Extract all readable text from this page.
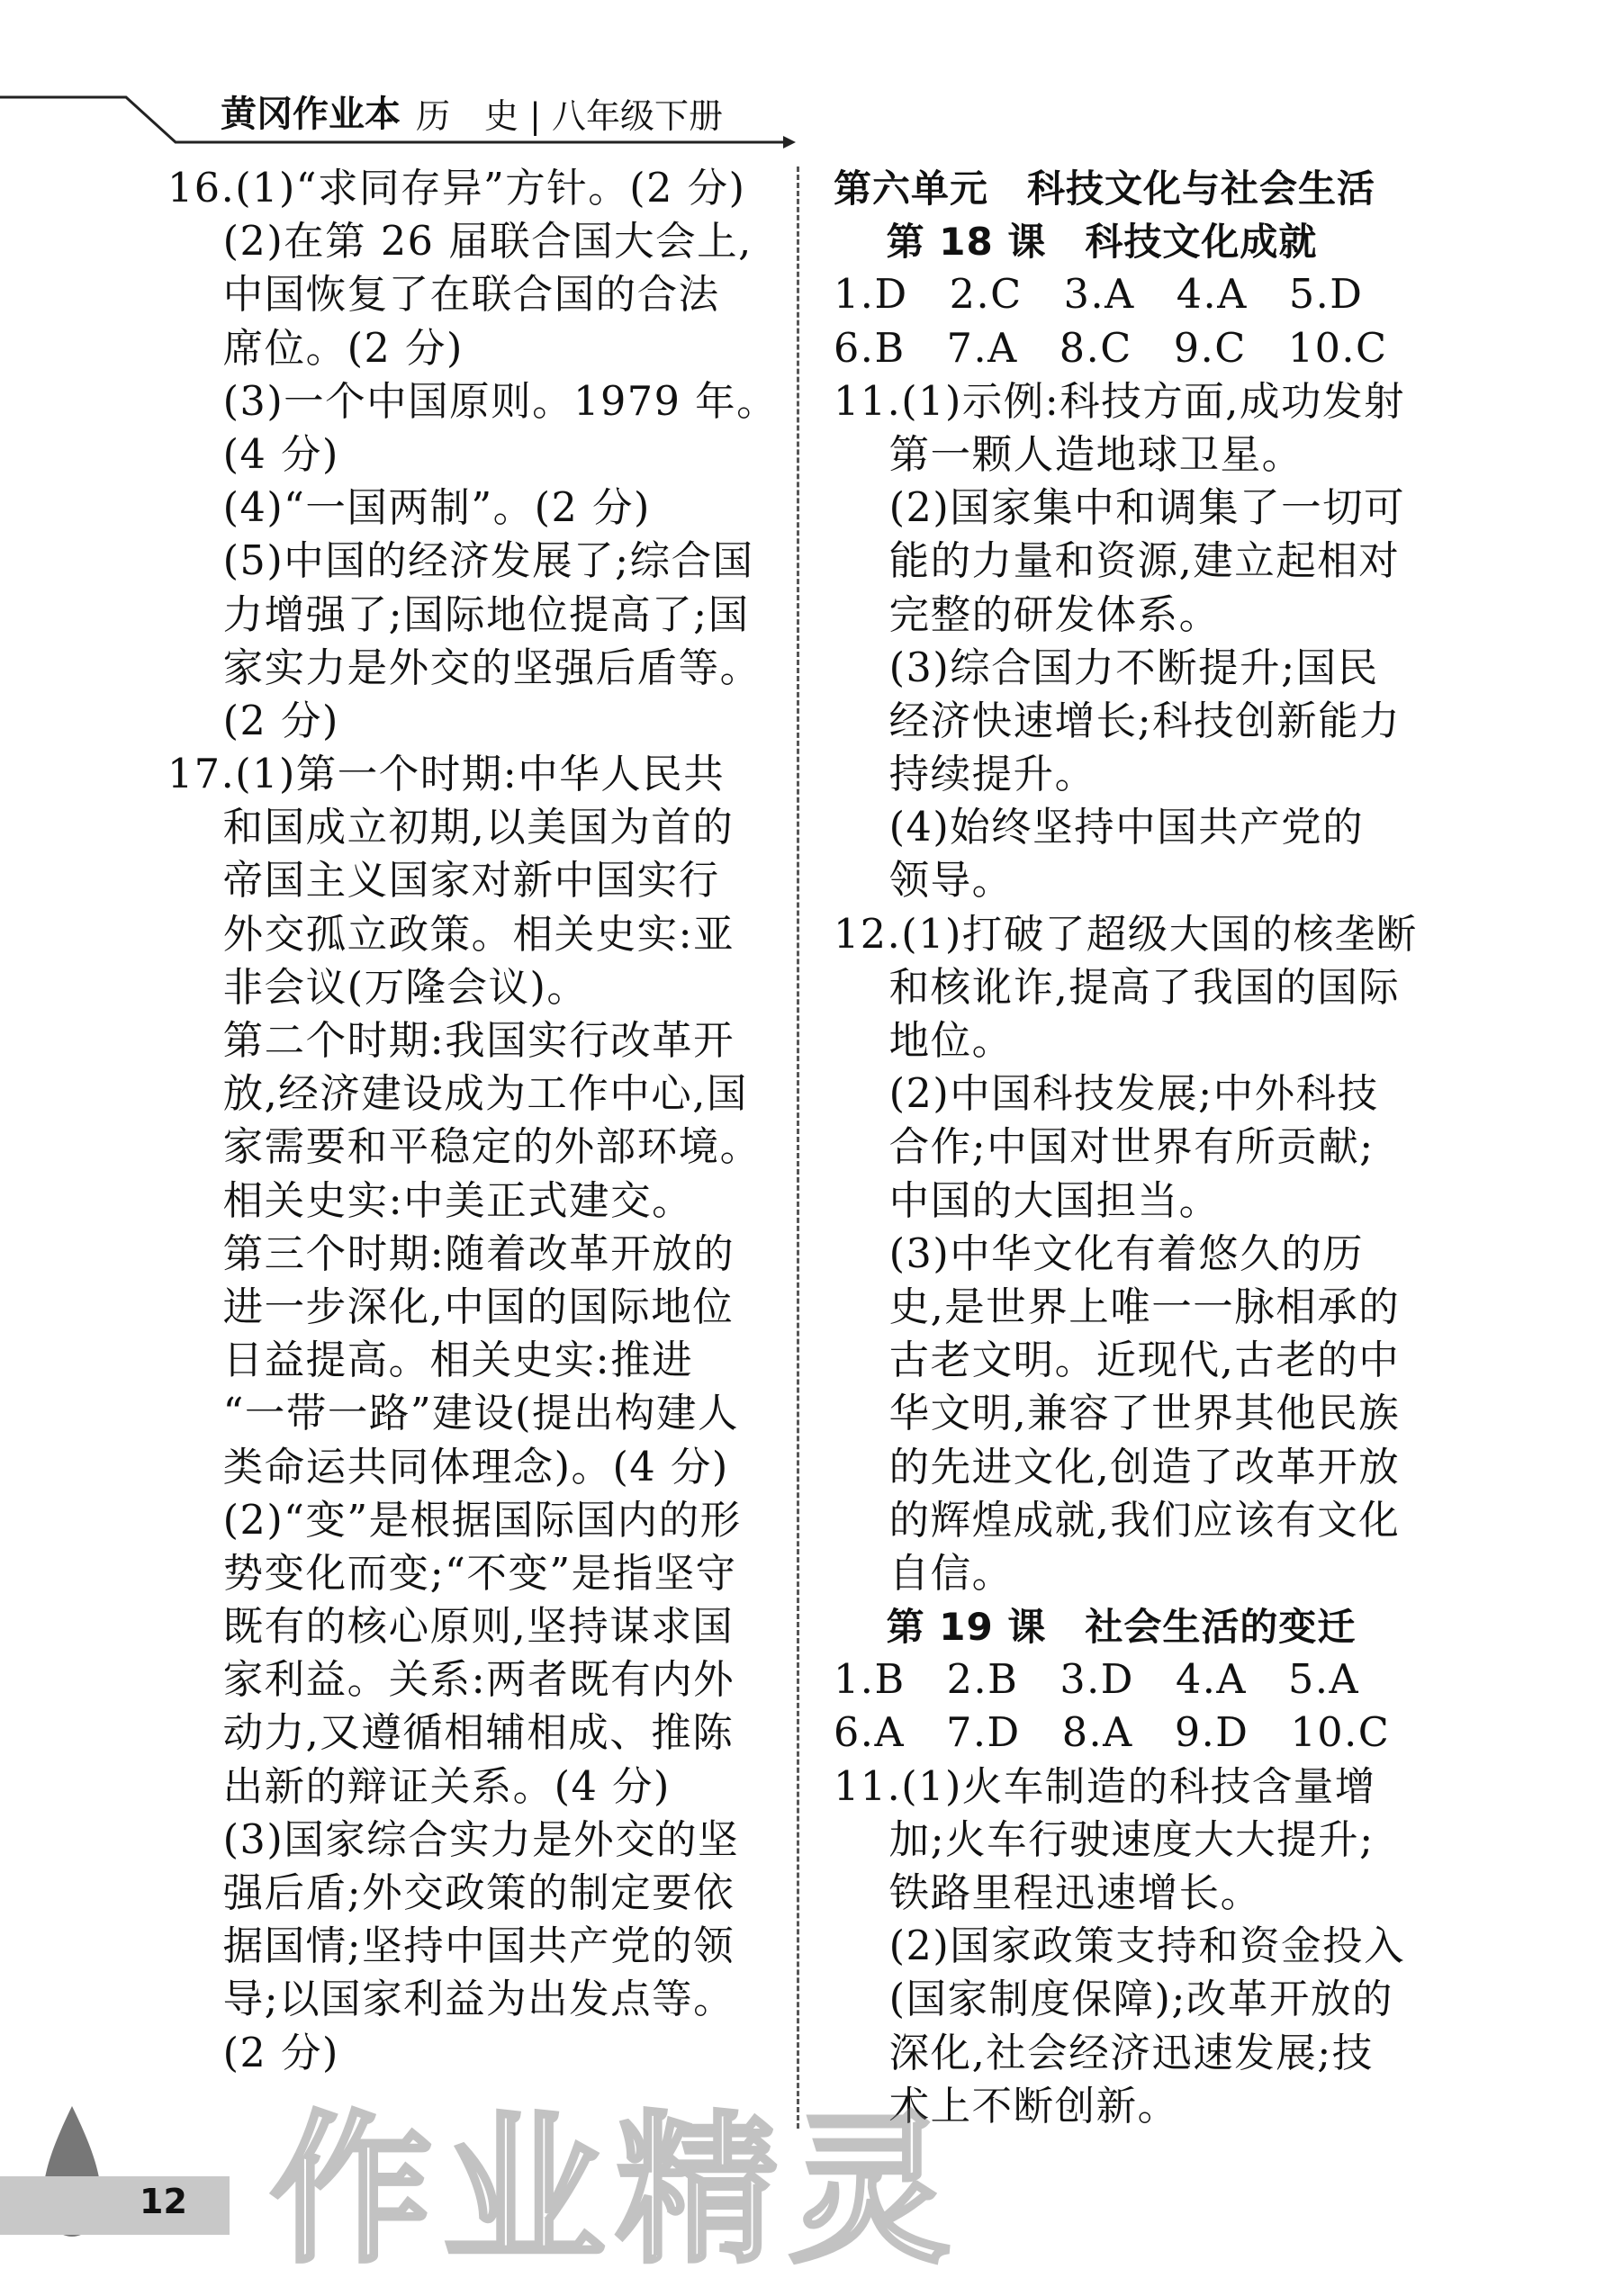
黄冈作业本 历　史 | 八年级下册
16.(1)“求同存异”方针。(2 分)
　 (2)在第 26 届联合国大会上,
　 中国恢复了在联合国的合法
　 席位。(2 分)
　 (3)一个中国原则。1979 年。
　 (4 分)
　 (4)“一国两制”。(2 分)
　 (5)中国的经济发展了;综合国
　 力增强了;国际地位提高了;国
　 家实力是外交的坚强后盾等。
　 (2 分)
17.(1)第一个时期:中华人民共
　 和国成立初期,以美国为首的
　 帝国主义国家对新中国实行
　 外交孤立政策。相关史实:亚
　 非会议(万隆会议)。
　 第二个时期:我国实行改革开
　 放,经济建设成为工作中心,国
　 家需要和平稳定的外部环境。
　 相关史实:中美正式建交。
　 第三个时期:随着改革开放的
　 进一步深化,中国的国际地位
　 日益提高。相关史实:推进
　 “一带一路”建设(提出构建人
　 类命运共同体理念)。(4 分)
　 (2)“变”是根据国际国内的形
　 势变化而变;“不变”是指坚守
　 既有的核心原则,坚持谋求国
　 家利益。关系:两者既有内外
　 动力,又遵循相辅相成、推陈
　 出新的辩证关系。(4 分)
　 (3)国家综合实力是外交的坚
　 强后盾;外交政策的制定要依
　 据国情;坚持中国共产党的领
　 导;以国家利益为出发点等。
　 (2 分)
第六单元　科技文化与社会生活
　 第 18 课　科技文化成就
1.D　2.C　3.A　4.A　5.D
6.B　7.A　8.C　9.C　10.C
11.(1)示例:科技方面,成功发射
　 第一颗人造地球卫星。
　 (2)国家集中和调集了一切可
　 能的力量和资源,建立起相对
　 完整的研发体系。
　 (3)综合国力不断提升;国民
　 经济快速增长;科技创新能力
　 持续提升。
　 (4)始终坚持中国共产党的
　 领导。
12.(1)打破了超级大国的核垄断
　 和核讹诈,提高了我国的国际
　 地位。
　 (2)中国科技发展;中外科技
　 合作;中国对世界有所贡献;
　 中国的大国担当。
　 (3)中华文化有着悠久的历
　 史,是世界上唯一一脉相承的
　 古老文明。近现代,古老的中
　 华文明,兼容了世界其他民族
　 的先进文化,创造了改革开放
　 的辉煌成就,我们应该有文化
　 自信。
　 第 19 课　社会生活的变迁
1.B　2.B　3.D　4.A　5.A
6.A　7.D　8.A　9.D　10.C
11.(1)火车制造的科技含量增
　 加;火车行驶速度大大提升;
　 铁路里程迅速增长。
　 (2)国家政策支持和资金投入
　 (国家制度保障);改革开放的
　 深化,社会经济迅速发展;技
　 术上不断创新。
作业精灵
12
